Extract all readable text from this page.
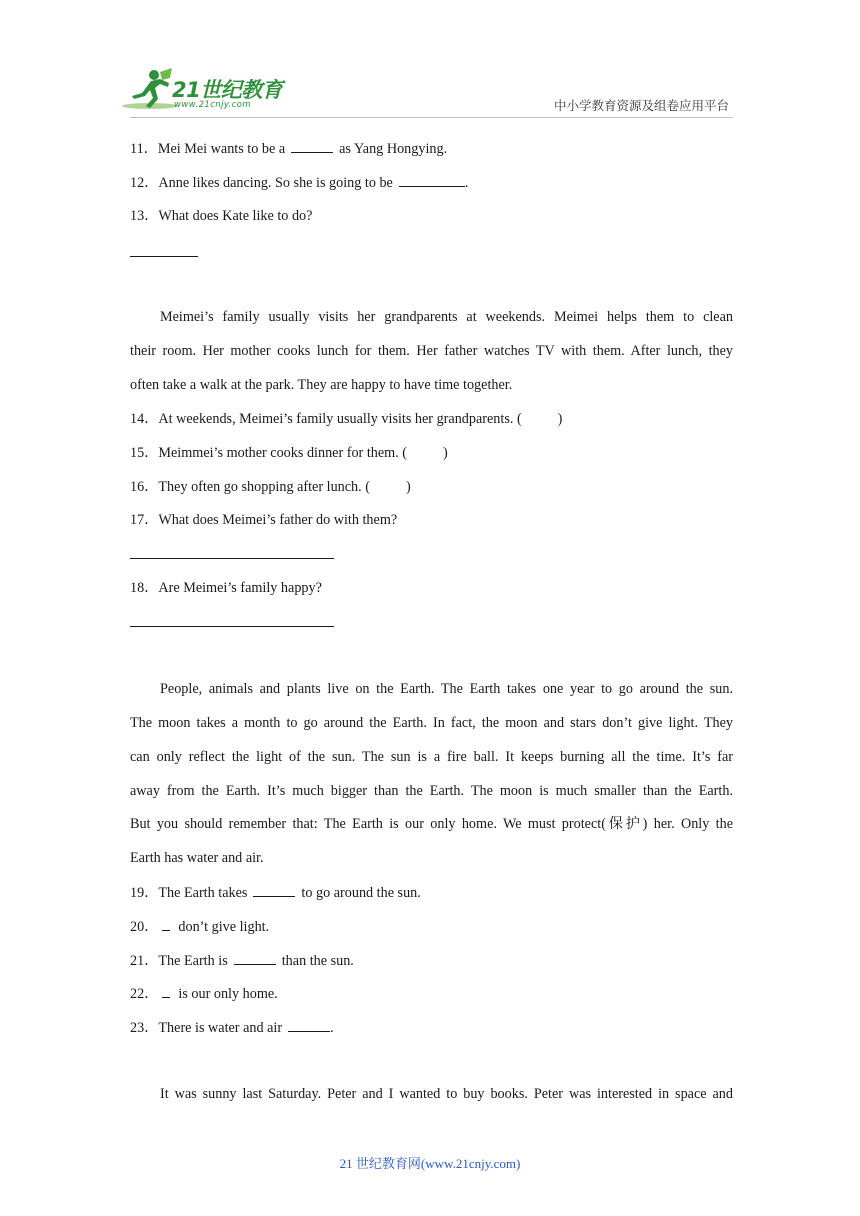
21世纪教育
www.21cnjy.com	中小学教育资源及组卷应用平台
11．Mei Mei wants to be a	as Yang Hongying.
12．Anne likes dancing. So she is going to be	.
13．What does Kate like to do?
Meimei’s family usually visits her grandparents at weekends. Meimei helps them to clean
their room. Her mother cooks lunch for them. Her father watches TV with them. After lunch, they
often take a walk at the park. They are happy to have time together.
14．At weekends, Meimei’s family usually visits her grandparents. (	)
15．Meimmei’s mother cooks dinner for them. (	)
16．They often go shopping after lunch. (	)
17．What does Meimei’s father do with them?
18．Are Meimei’s family happy?
People, animals and plants live on the Earth. The Earth takes one year to go around the sun.
The moon takes a month to go around the Earth. In fact, the moon and stars don’t give light. They
can only reflect the light of the sun. The sun is a fire ball. It keeps burning all the time. It’s far
away from the Earth. It’s much bigger than the Earth. The moon is much smaller than the Earth.
But you should remember that: The Earth is our only home. We must protect(保护) her. Only the
Earth has water and air.
19．The Earth takes	to go around the sun.
20． don’t give light.
21．The Earth is	than the sun.
22． is our only home.
23．There is water and air	.
It was sunny last Saturday. Peter and I wanted to buy books. Peter was interested in space and
21 世纪教育网(www.21cnjy.com)
